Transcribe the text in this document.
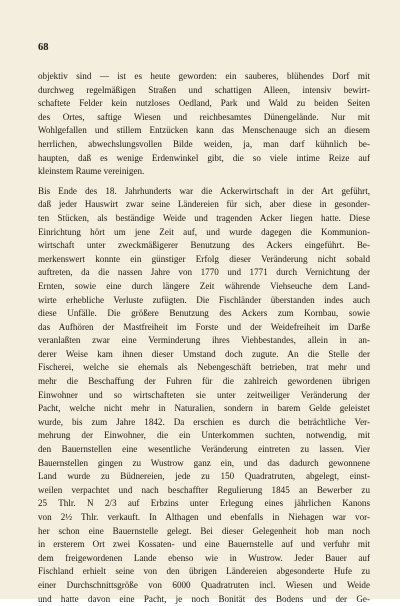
68
objektiv sind — ist es heute geworden: ein sauberes, blühendes Dorf mit
durchweg regelmäßigen Straßen und schattigen Alleen, intensiv bewirt-
schaftete Felder kein nutzloses Oedland, Park und Wald zu beiden Seiten
des Ortes, saftige Wiesen und reichbesamtes Dünengelände. Nur mit
Wohlgefallen und stillem Entzücken kann das Menschenauge sich an diesem
herrlichen, abwechslungsvollen Bilde weiden, ja, man darf kühnlich be-
haupten, daß es wenige Erdenwinkel gibt, die so viele intime Reize auf
kleinstem Raume vereinigen.
Bis Ende des 18. Jahrhunderts war die Ackerwirtschaft in der Art geführt,
daß jeder Hauswirt zwar seine Ländereien für sich, aber diese in gesonder-
ten Stücken, als beständige Weide und tragenden Acker liegen hatte. Diese
Einrichtung hört um jene Zeit auf, und wurde dagegen die Kommunion-
wirtschaft unter zweckmäßigerer Benutzung des Ackers eingeführt. Be-
merkenswert konnte ein günstiger Erfolg dieser Veränderung nicht sobald
auftreten, da die nassen Jahre von 1770 und 1771 durch Vernichtung der
Ernten, sowie eine durch längere Zeit währende Viehseuche dem Land-
wirte erhebliche Verluste zufügten. Die Fischländer überstanden indes auch
diese Unfälle. Die größere Benutzung des Ackers zum Kornbau, sowie
das Aufhören der Mastfreiheit im Forste und der Weidefreiheit im Darße
veranlaßten zwar eine Verminderung ihres Viehbestandes, allein in an-
derer Weise kam ihnen dieser Umstand doch zugute. An die Stelle der
Fischerei, welche sie ehemals als Nebengeschäft betrieben, trat mehr und
mehr die Beschaffung der Fuhren für die zahlreich gewordenen übrigen
Einwohner und so wirtschafteten sie unter zeitweiliger Veränderung der
Pacht, welche nicht mehr in Naturalien, sondern in barem Gelde geleistet
wurde, bis zum Jahre 1842. Da erschien es durch die beträchtliche Ver-
mehrung der Einwohner, die ein Unterkommen suchten, notwendig, mit
den Bauernstellen eine wesentliche Veränderung eintreten zu lassen. Vier
Bauernstellen gingen zu Wustrow ganz ein, und das dadurch gewonnene
Land wurde zu Büdnereien, jede zu 150 Quadratruten, abgelegt, einst-
weilen verpachtet und nach beschaffter Regulierung 1845 an Bewerber zu
25 Thlr. N 2/3 auf Erbzins unter Erlegung eines jährlichen Kanons
von 2½ Thlr. verkauft. In Althagen und ebenfalls in Niehagen war vor-
her schon eine Bauernstelle gelegt. Bei dieser Gelegenheit hob man noch
in ersterem Ort zwei Kossaten- und eine Bauernstelle auf und verfuhr mit
dem freigewordenen Lande ebenso wie in Wustrow. Jeder Bauer auf
Fischland erhielt seine von den übrigen Ländereien abgesonderte Hufe zu
einer Durchschnittsgröße von 6000 Quadratruten incl. Wiesen und Weide
und hatte davon eine Pacht, je noch Bonität des Bodens und der Ge-
